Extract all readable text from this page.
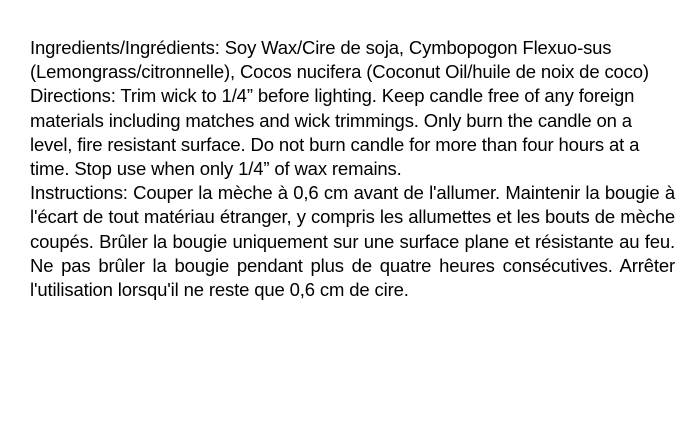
Ingredients/Ingrédients: Soy Wax/Cire de soja, Cymbopogon Flexuo-sus (Lemongrass/citronnelle), Cocos nucifera (Coconut Oil/huile de noix de coco)

Directions: Trim wick to 1/4” before lighting. Keep candle free of any foreign materials including matches and wick trimmings. Only burn the candle on a level, fire resistant surface. Do not burn candle for more than four hours at a time. Stop use when only 1/4” of wax remains.

Instructions: Couper la mèche à 0,6 cm avant de l'allumer. Maintenir la bougie à l'écart de tout matériau étranger, y compris les allumettes et les bouts de mèche coupés. Brûler la bougie uniquement sur une surface plane et résistante au feu. Ne pas brûler la bougie pendant plus de quatre heures consécutives. Arrêter l'utilisation lorsqu'il ne reste que 0,6 cm de cire.
